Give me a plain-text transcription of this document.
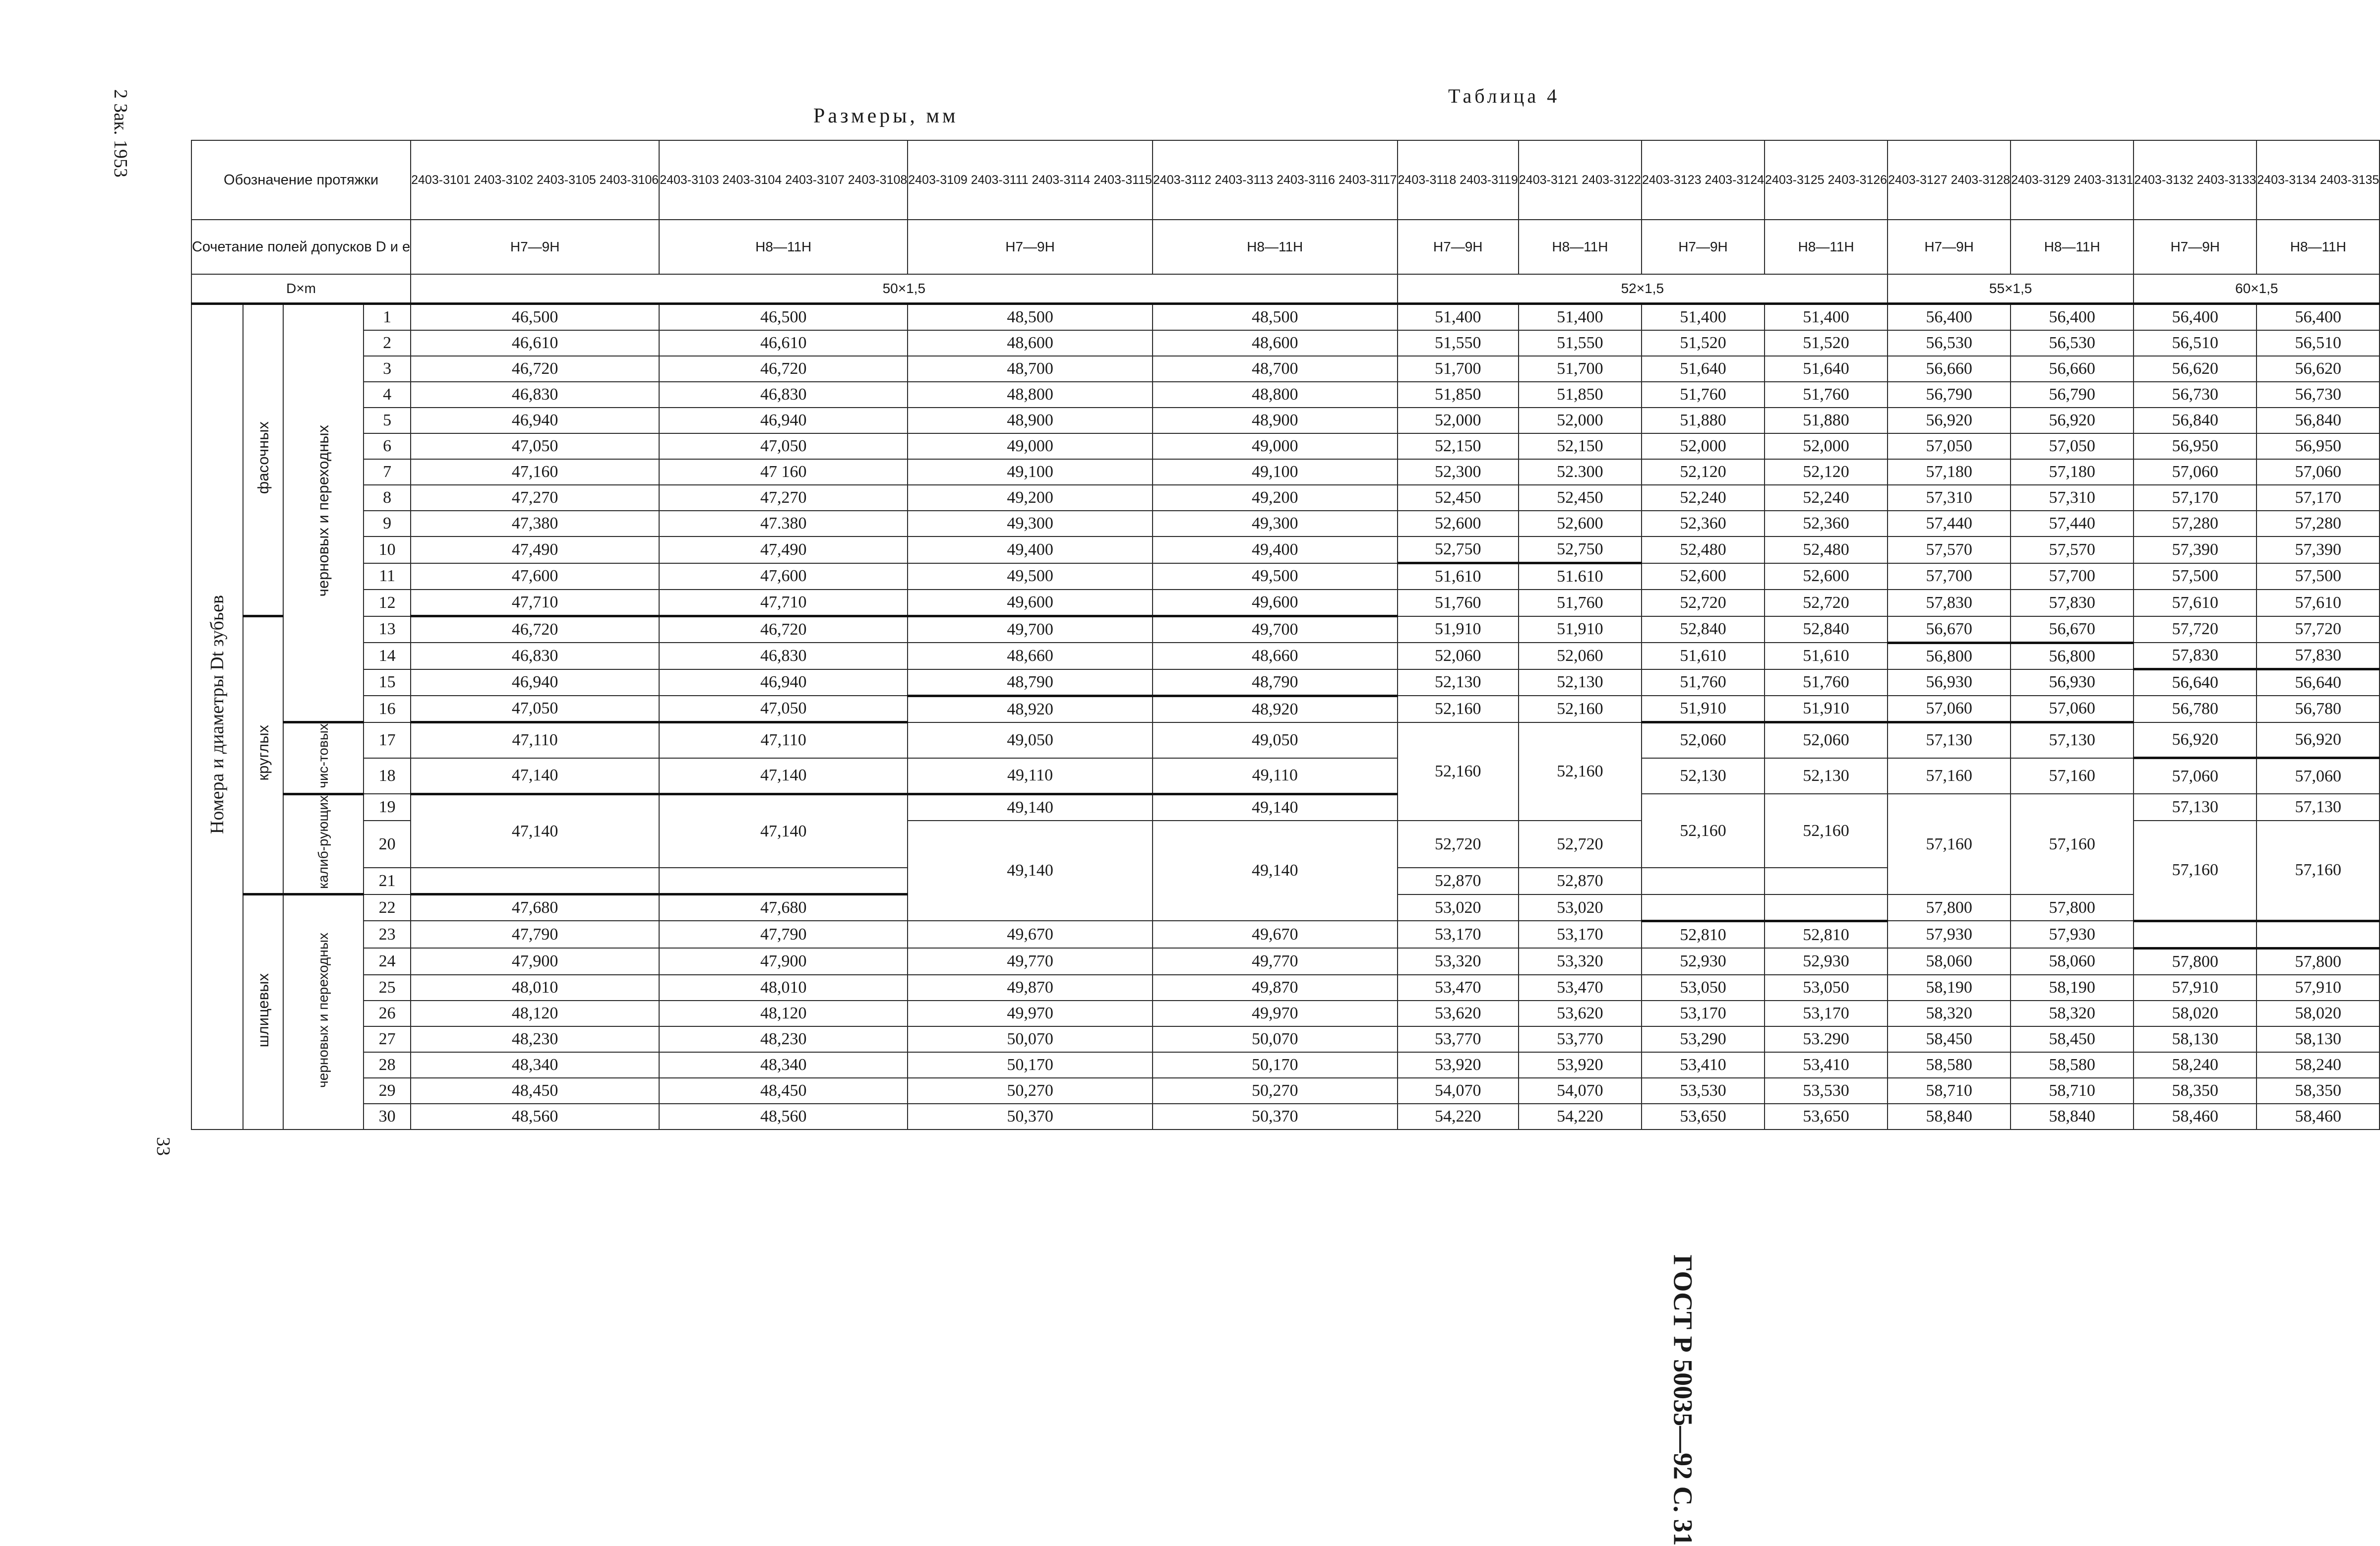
Таблица 4
Размеры, мм
2 Зак. 1953
33
ГОСТ Р 50035—92 С. 31
Обозначение протяжки				2403-3101 2403-3102 2403-3105 2403-3106	2403-3103 2403-3104 2403-3107 2403-3108	2403-3109 2403-3111 2403-3114 2403-3115	2403-3112 2403-3113 2403-3116 2403-3117	2403-3118 2403-3119	2403-3121 2403-3122	2403-3123 2403-3124	2403-3125 2403-3126	2403-3127 2403-3128	2403-3129 2403-3131	2403-3132 2403-3133	2403-3134 2403-3135
Сочетание полей допусков D и e				H7—9H	H8—11H	H7—9H	H8—11H	H7—9H	H8—11H	H7—9H	H8—11H	H7—9H	H8—11H	H7—9H	H8—11H
D×m				50×1,5				52×1,5				55×1,5		60×1,5	
Номера и диаметры Dt зубьев	фасочных	черновых и переходных	1	46,500	46,500	48,500	48,500	51,400	51,400	51,400	51,400	56,400	56,400	56,400	56,400
			2	46,610	46,610	48,600	48,600	51,550	51,550	51,520	51,520	56,530	56,530	56,510	56,510
			3	46,720	46,720	48,700	48,700	51,700	51,700	51,640	51,640	56,660	56,660	56,620	56,620
			4	46,830	46,830	48,800	48,800	51,850	51,850	51,760	51,760	56,790	56,790	56,730	56,730
			5	46,940	46,940	48,900	48,900	52,000	52,000	51,880	51,880	56,920	56,920	56,840	56,840
			6	47,050	47,050	49,000	49,000	52,150	52,150	52,000	52,000	57,050	57,050	56,950	56,950
			7	47,160	47 160	49,100	49,100	52,300	52.300	52,120	52,120	57,180	57,180	57,060	57,060
			8	47,270	47,270	49,200	49,200	52,450	52,450	52,240	52,240	57,310	57,310	57,170	57,170
			9	47,380	47.380	49,300	49,300	52,600	52,600	52,360	52,360	57,440	57,440	57,280	57,280
			10	47,490	47,490	49,400	49,400	52,750	52,750	52,480	52,480	57,570	57,570	57,390	57,390
			11	47,600	47,600	49,500	49,500	51,610	51.610	52,600	52,600	57,700	57,700	57,500	57,500
			12	47,710	47,710	49,600	49,600	51,760	51,760	52,720	52,720	57,830	57,830	57,610	57,610
	круглых		13	46,720	46,720	49,700	49,700	51,910	51,910	52,840	52,840	56,670	56,670	57,720	57,720
			14	46,830	46,830	48,660	48,660	52,060	52,060	51,610	51,610	56,800	56,800	57,830	57,830
			15	46,940	46,940	48,790	48,790	52,130	52,130	51,760	51,760	56,930	56,930	56,640	56,640
			16	47,050	47,050	48,920	48,920	52,160	52,160	51,910	51,910	57,060	57,060	56,780	56,780
		чис-товых	17	47,110	47,110	49,050	49,050	52,160	52,160	52,060	52,060	57,130	57,130	56,920	56,920
			18	47,140	47,140	49,110	49,110			52,130	52,130	57,160	57,160	57,060	57,060
		калиб-рующих	19	47,140	47,140	49,140	49,140			52,160	52,160	57,160	57,160	57,130	57,130
			20			49,140	49,140	52,720	52,720					57,160	57,160
			21					52,870	52,870						
	шлицевых	черновых и переходных	22	47,680	47,680			53,020	53,020			57,800	57,800		
			23	47,790	47,790	49,670	49,670	53,170	53,170	52,810	52,810	57,930	57,930		
			24	47,900	47,900	49,770	49,770	53,320	53,320	52,930	52,930	58,060	58,060	57,800	57,800
			25	48,010	48,010	49,870	49,870	53,470	53,470	53,050	53,050	58,190	58,190	57,910	57,910
			26	48,120	48,120	49,970	49,970	53,620	53,620	53,170	53,170	58,320	58,320	58,020	58,020
			27	48,230	48,230	50,070	50,070	53,770	53,770	53,290	53.290	58,450	58,450	58,130	58,130
			28	48,340	48,340	50,170	50,170	53,920	53,920	53,410	53,410	58,580	58,580	58,240	58,240
			29	48,450	48,450	50,270	50,270	54,070	54,070	53,530	53,530	58,710	58,710	58,350	58,350
			30	48,560	48,560	50,370	50,370	54,220	54,220	53,650	53,650	58,840	58,840	58,460	58,460
